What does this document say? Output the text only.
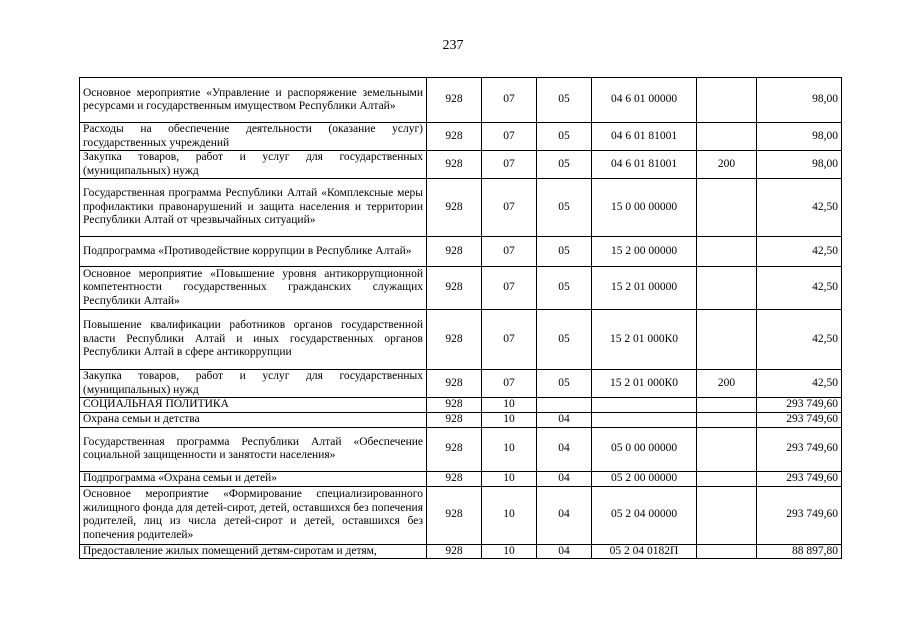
237
Основное мероприятие «Управление и распоряжение земельными ресурсами и государственным имуществом Республики Алтай»	928	07	05	04 6 01 00000		98,00
Расходы на обеспечение деятельности (оказание услуг) государственных учреждений	928	07	05	04 6 01 81001		98,00
Закупка товаров, работ и услуг для государственных (муниципальных) нужд	928	07	05	04 6 01 81001	200	98,00
Государственная программа Республики Алтай «Комплексные меры профилактики правонарушений и защита населения и территории Республики Алтай от чрезвычайных ситуаций»	928	07	05	15 0 00 00000		42,50
Подпрограмма «Противодействие коррупции в Республике Алтай»	928	07	05	15 2 00 00000		42,50
Основное мероприятие «Повышение уровня антикоррупционной компетентности государственных гражданских служащих Республики Алтай»	928	07	05	15 2 01 00000		42,50
Повышение квалификации работников органов государственной власти Республики Алтай и иных государственных органов Республики Алтай в сфере антикоррупции	928	07	05	15 2 01 000К0		42,50
Закупка товаров, работ и услуг для государственных (муниципальных) нужд	928	07	05	15 2 01 000К0	200	42,50
СОЦИАЛЬНАЯ ПОЛИТИКА	928	10				293 749,60
Охрана семьи и детства	928	10	04			293 749,60
Государственная программа Республики Алтай «Обеспечение социальной защищенности и занятости населения»	928	10	04	05 0 00 00000		293 749,60
Подпрограмма «Охрана семьи и детей»	928	10	04	05 2 00 00000		293 749,60
Основное мероприятие «Формирование специализированного жилищного фонда для детей-сирот, детей, оставшихся без попечения родителей, лиц из числа детей-сирот и детей, оставшихся без попечения родителей»	928	10	04	05 2 04 00000		293 749,60
Предоставление жилых помещений детям-сиротам и детям,	928	10	04	05 2 04 0182П		88 897,80
